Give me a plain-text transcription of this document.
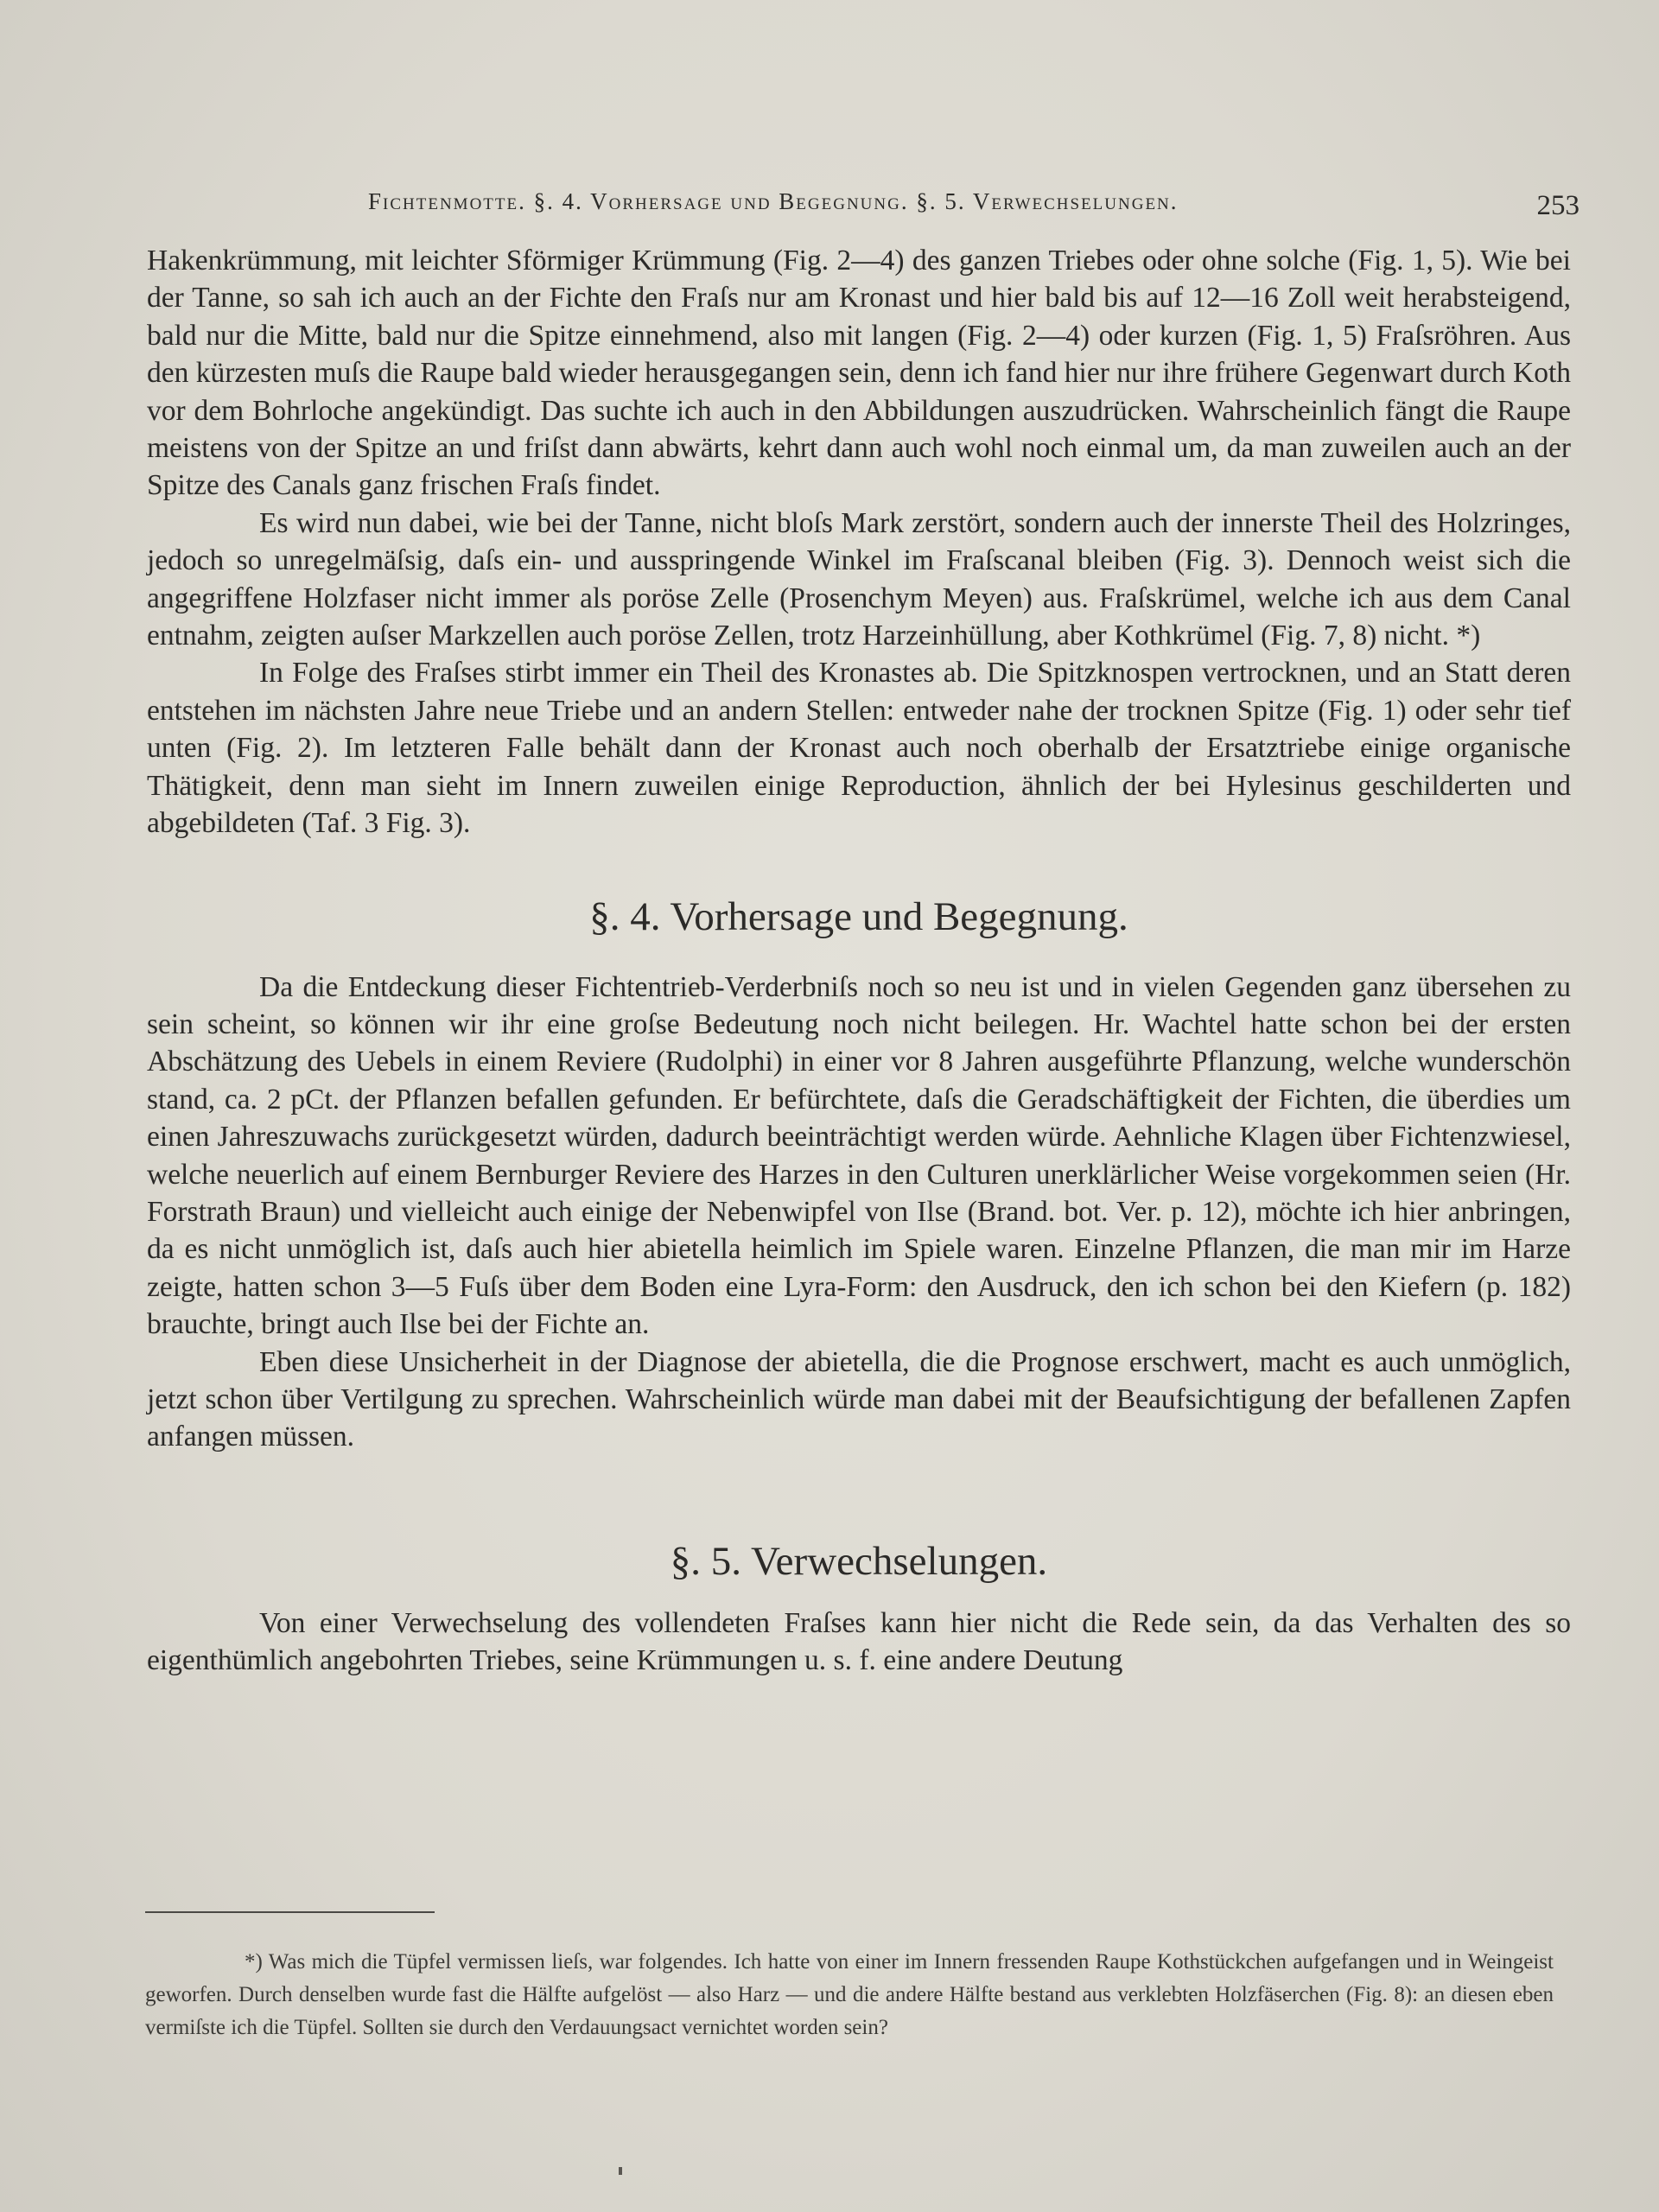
Fichtenmotte. §. 4. Vorhersage und Begegnung. §. 5. Verwechselungen.	253

Hakenkrümmung, mit leichter Sförmiger Krümmung (Fig. 2—4) des ganzen Triebes oder ohne solche (Fig. 1, 5). Wie bei der Tanne, so sah ich auch an der Fichte den Fraſs nur am Kronast und hier bald bis auf 12—16 Zoll weit herabsteigend, bald nur die Mitte, bald nur die Spitze einnehmend, also mit langen (Fig. 2—4) oder kurzen (Fig. 1, 5) Fraſsröhren. Aus den kürzesten muſs die Raupe bald wieder herausgegangen sein, denn ich fand hier nur ihre frühere Gegenwart durch Koth vor dem Bohrloche angekündigt. Das suchte ich auch in den Abbildungen auszudrücken. Wahrscheinlich fängt die Raupe meistens von der Spitze an und friſst dann abwärts, kehrt dann auch wohl noch einmal um, da man zuweilen auch an der Spitze des Canals ganz frischen Fraſs findet.

Es wird nun dabei, wie bei der Tanne, nicht bloſs Mark zerstört, sondern auch der innerste Theil des Holzringes, jedoch so unregelmäſsig, daſs ein- und ausspringende Winkel im Fraſscanal bleiben (Fig. 3). Dennoch weist sich die angegriffene Holzfaser nicht immer als poröse Zelle (Prosenchym Meyen) aus. Fraſskrümel, welche ich aus dem Canal entnahm, zeigten auſser Markzellen auch poröse Zellen, trotz Harzeinhüllung, aber Kothkrümel (Fig. 7, 8) nicht. *)

In Folge des Fraſses stirbt immer ein Theil des Kronastes ab. Die Spitzknospen vertrocknen, und an Statt deren entstehen im nächsten Jahre neue Triebe und an andern Stellen: entweder nahe der trocknen Spitze (Fig. 1) oder sehr tief unten (Fig. 2). Im letzteren Falle behält dann der Kronast auch noch oberhalb der Ersatztriebe einige organische Thätigkeit, denn man sieht im Innern zuweilen einige Reproduction, ähnlich der bei Hylesinus geschilderten und abgebildeten (Taf. 3 Fig. 3).

§. 4. Vorhersage und Begegnung.

Da die Entdeckung dieser Fichtentrieb-Verderbniſs noch so neu ist und in vielen Gegenden ganz übersehen zu sein scheint, so können wir ihr eine groſse Bedeutung noch nicht beilegen. Hr. Wachtel hatte schon bei der ersten Abschätzung des Uebels in einem Reviere (Rudolphi) in einer vor 8 Jahren ausgeführte Pflanzung, welche wunderschön stand, ca. 2 pCt. der Pflanzen befallen gefunden. Er befürchtete, daſs die Geradschäftigkeit der Fichten, die überdies um einen Jahreszuwachs zurückgesetzt würden, dadurch beeinträchtigt werden würde. Aehnliche Klagen über Fichtenzwiesel, welche neuerlich auf einem Bernburger Reviere des Harzes in den Culturen unerklärlicher Weise vorgekommen seien (Hr. Forstrath Braun) und vielleicht auch einige der Nebenwipfel von Ilse (Brand. bot. Ver. p. 12), möchte ich hier anbringen, da es nicht unmöglich ist, daſs auch hier abietella heimlich im Spiele waren. Einzelne Pflanzen, die man mir im Harze zeigte, hatten schon 3—5 Fuſs über dem Boden eine Lyra-Form: den Ausdruck, den ich schon bei den Kiefern (p. 182) brauchte, bringt auch Ilse bei der Fichte an.

Eben diese Unsicherheit in der Diagnose der abietella, die die Prognose erschwert, macht es auch unmöglich, jetzt schon über Vertilgung zu sprechen. Wahrscheinlich würde man dabei mit der Beaufsichtigung der befallenen Zapfen anfangen müssen.

§. 5. Verwechselungen.

Von einer Verwechselung des vollendeten Fraſses kann hier nicht die Rede sein, da das Verhalten des so eigenthümlich angebohrten Triebes, seine Krümmungen u. s. f. eine andere Deutung

*) Was mich die Tüpfel vermissen lieſs, war folgendes. Ich hatte von einer im Innern fressenden Raupe Kothstückchen aufgefangen und in Weingeist geworfen. Durch denselben wurde fast die Hälfte aufgelöst — also Harz — und die andere Hälfte bestand aus verklebten Holzfäserchen (Fig. 8): an diesen eben vermiſste ich die Tüpfel. Sollten sie durch den Verdauungsact vernichtet worden sein?
